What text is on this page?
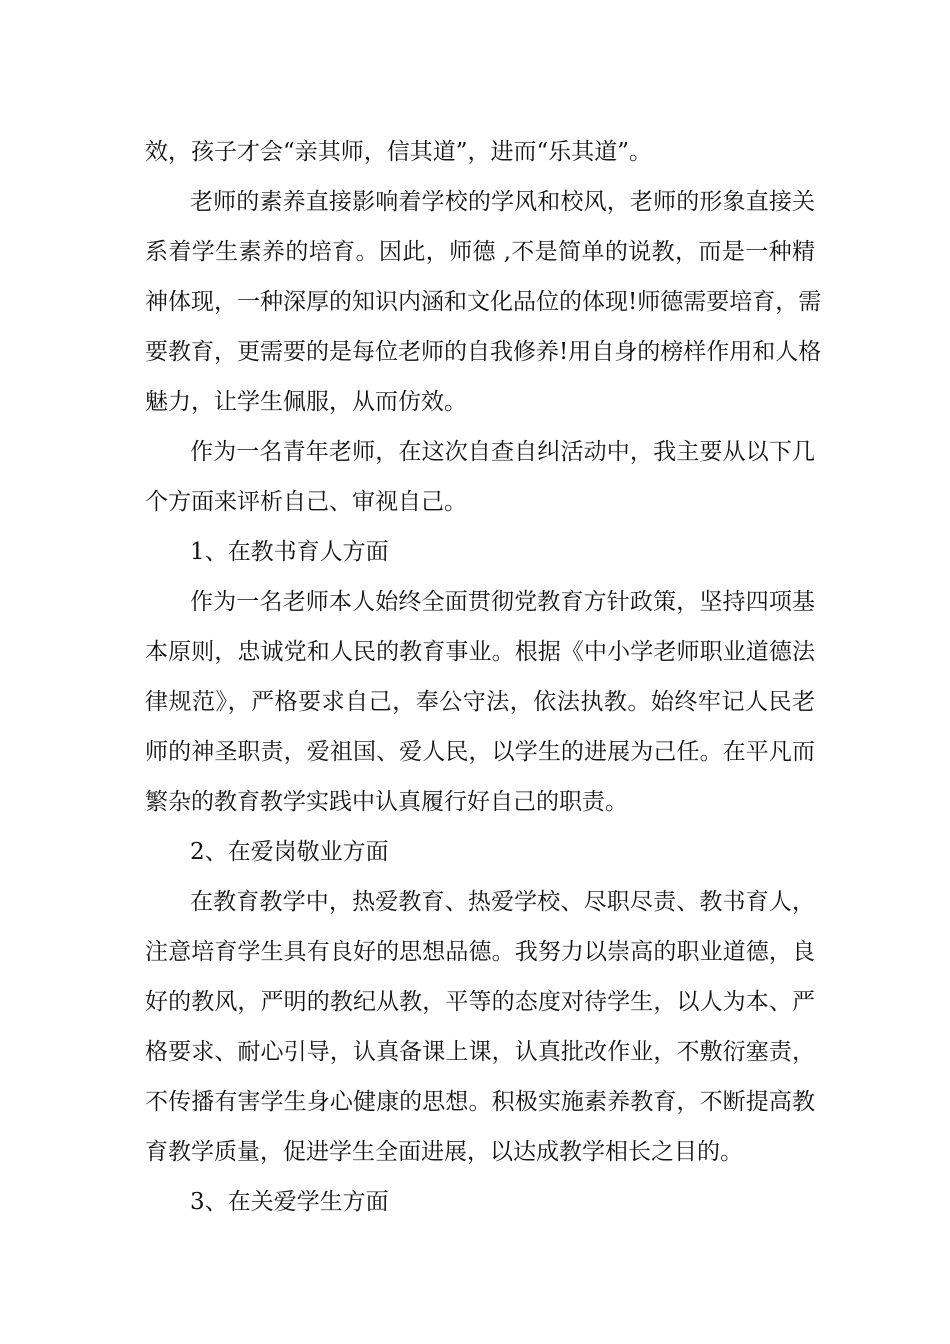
效，孩子才会“亲其师，信其道”，进而“乐其道”。
老师的素养直接影响着学校的学风和校风，老师的形象直接关
系着学生素养的培育。因此，师德 ,不是简单的说教，而是一种精
神体现，一种深厚的知识内涵和文化品位的体现!师德需要培育，需
要教育，更需要的是每位老师的自我修养!用自身的榜样作用和人格
魅力，让学生佩服，从而仿效。
作为一名青年老师，在这次自查自纠活动中，我主要从以下几
个方面来评析自己、审视自己。
1、在教书育人方面
作为一名老师本人始终全面贯彻党教育方针政策，坚持四项基
本原则，忠诚党和人民的教育事业。根据《中小学老师职业道德法
律规范》，严格要求自己，奉公守法，依法执教。始终牢记人民老
师的神圣职责，爱祖国、爱人民，以学生的进展为己任。在平凡而
繁杂的教育教学实践中认真履行好自己的职责。
2、在爱岗敬业方面
在教育教学中，热爱教育、热爱学校、尽职尽责、教书育人，
注意培育学生具有良好的思想品德。我努力以崇高的职业道德，良
好的教风，严明的教纪从教，平等的态度对待学生，以人为本、严
格要求、耐心引导，认真备课上课，认真批改作业，不敷衍塞责，
不传播有害学生身心健康的思想。积极实施素养教育，不断提高教
育教学质量，促进学生全面进展，以达成教学相长之目的。
3、在关爱学生方面
